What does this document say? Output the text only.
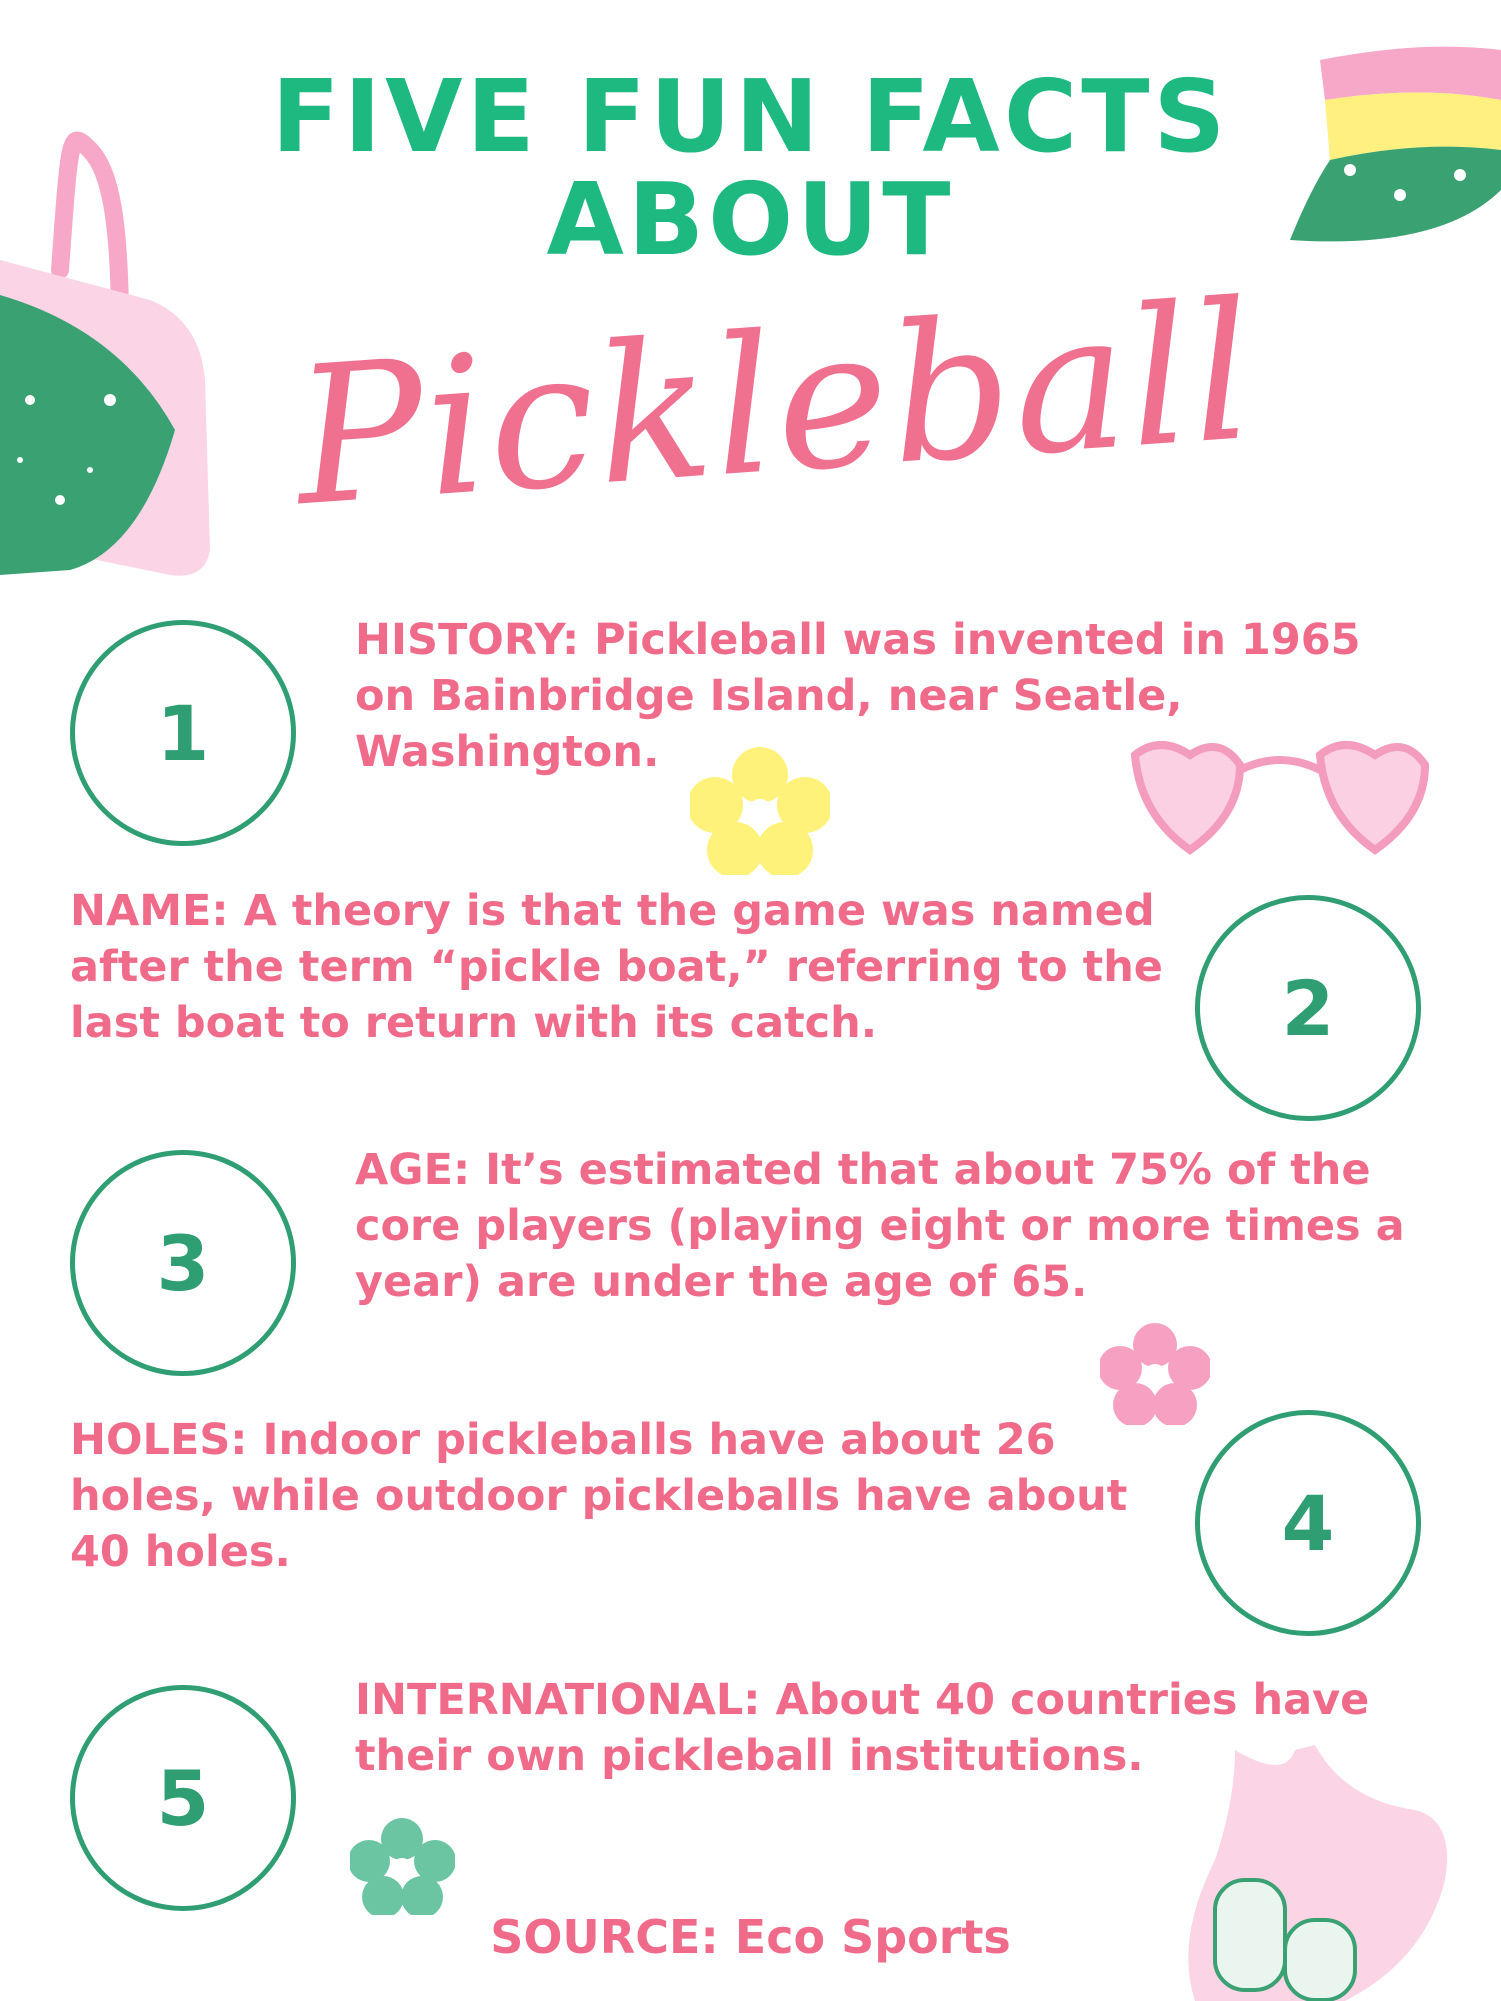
FIVE FUN FACTS
ABOUT
Pickleball
1
HISTORY: Pickleball was invented in 1965 on Bainbridge Island, near Seatle, Washington.
2
NAME: A theory is that the game was named after the term “pickle boat,” referring to the last boat to return with its catch.
3
AGE: It’s estimated that about 75% of the core players (playing eight or more times a year) are under the age of 65.
4
HOLES: Indoor pickleballs have about 26 holes, while outdoor pickleballs have about 40 holes.
5
INTERNATIONAL: About 40 countries have their own pickleball institutions.
SOURCE: Eco Sports
